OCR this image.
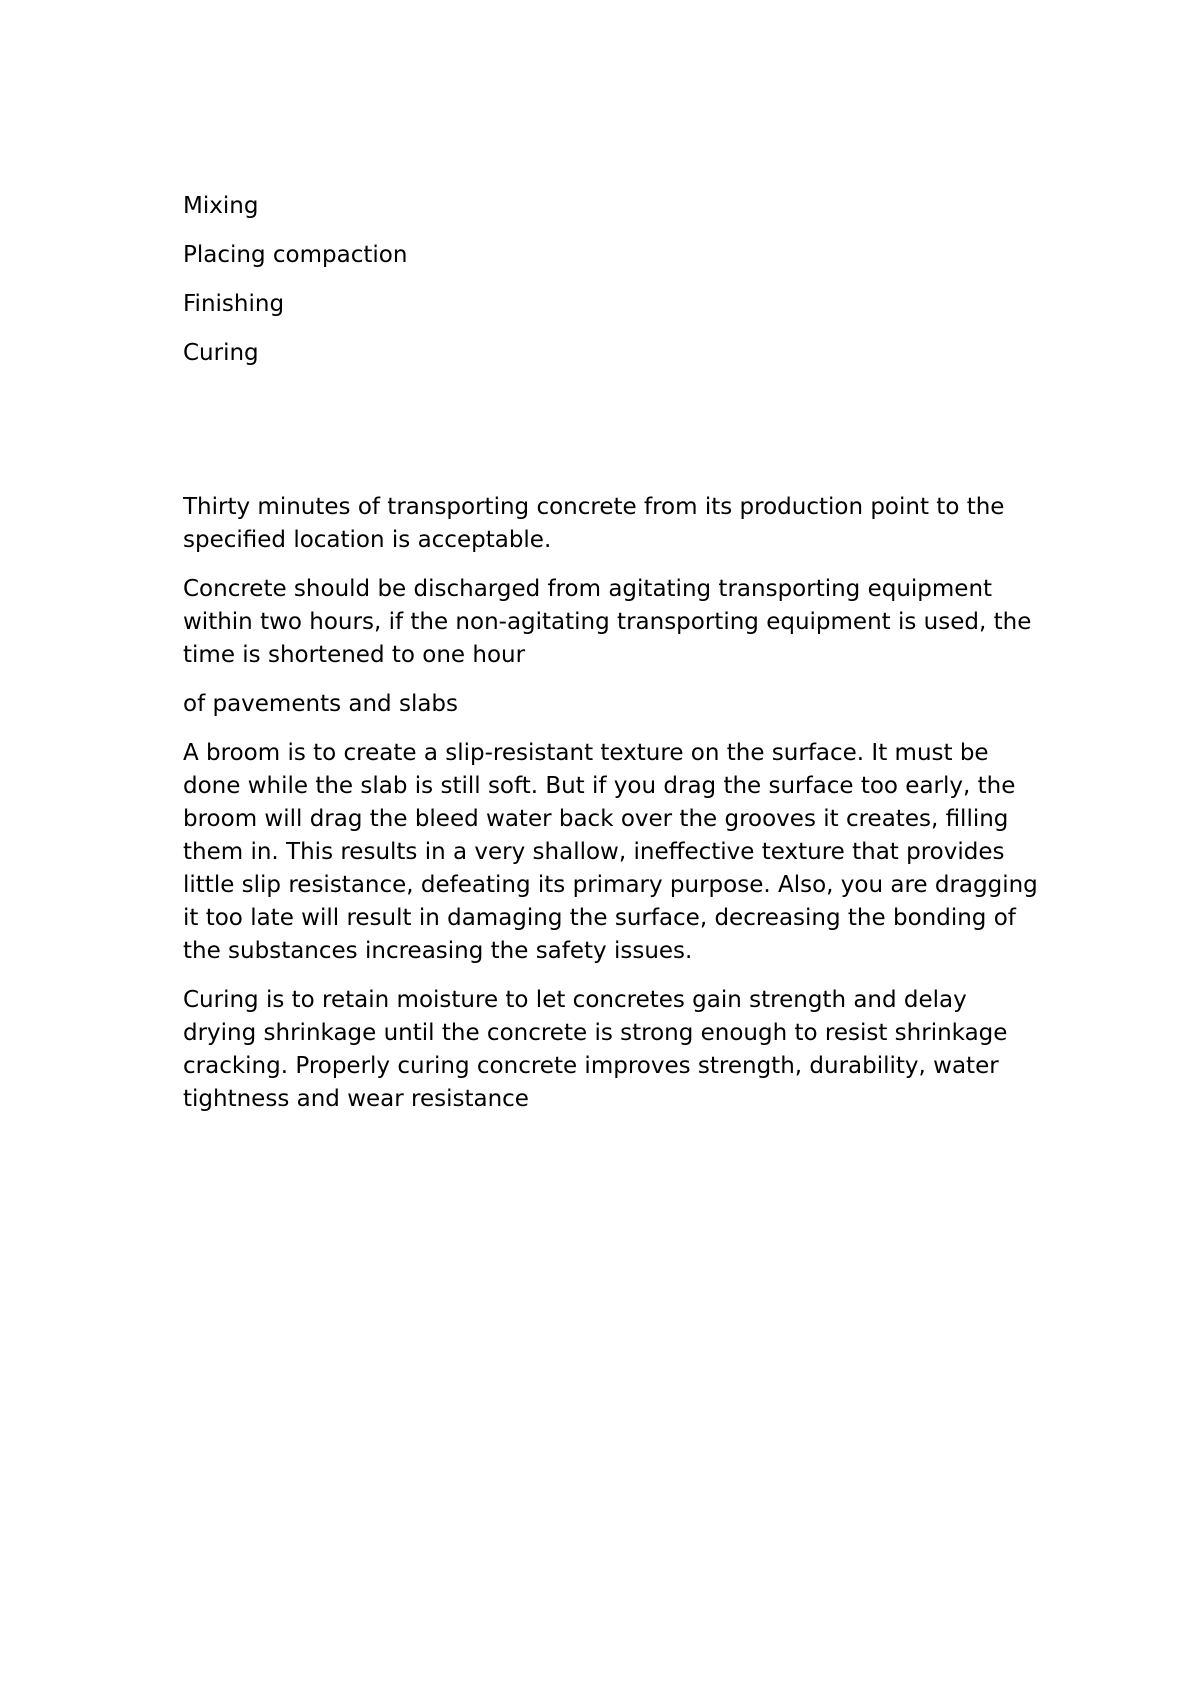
Mixing
Placing compaction
Finishing
Curing

Thirty minutes of transporting concrete from its production point to the specified location is acceptable.

Concrete should be discharged from agitating transporting equipment within two hours, if the non-agitating transporting equipment is used, the time is shortened to one hour

of pavements and slabs

A broom is to create a slip-resistant texture on the surface. It must be done while the slab is still soft. But if you drag the surface too early, the broom will drag the bleed water back over the grooves it creates, filling them in. This results in a very shallow, ineffective texture that provides little slip resistance, defeating its primary purpose. Also, you are dragging it too late will result in damaging the surface, decreasing the bonding of the substances increasing the safety issues.

Curing is to retain moisture to let concretes gain strength and delay drying shrinkage until the concrete is strong enough to resist shrinkage cracking. Properly curing concrete improves strength, durability, water tightness and wear resistance
